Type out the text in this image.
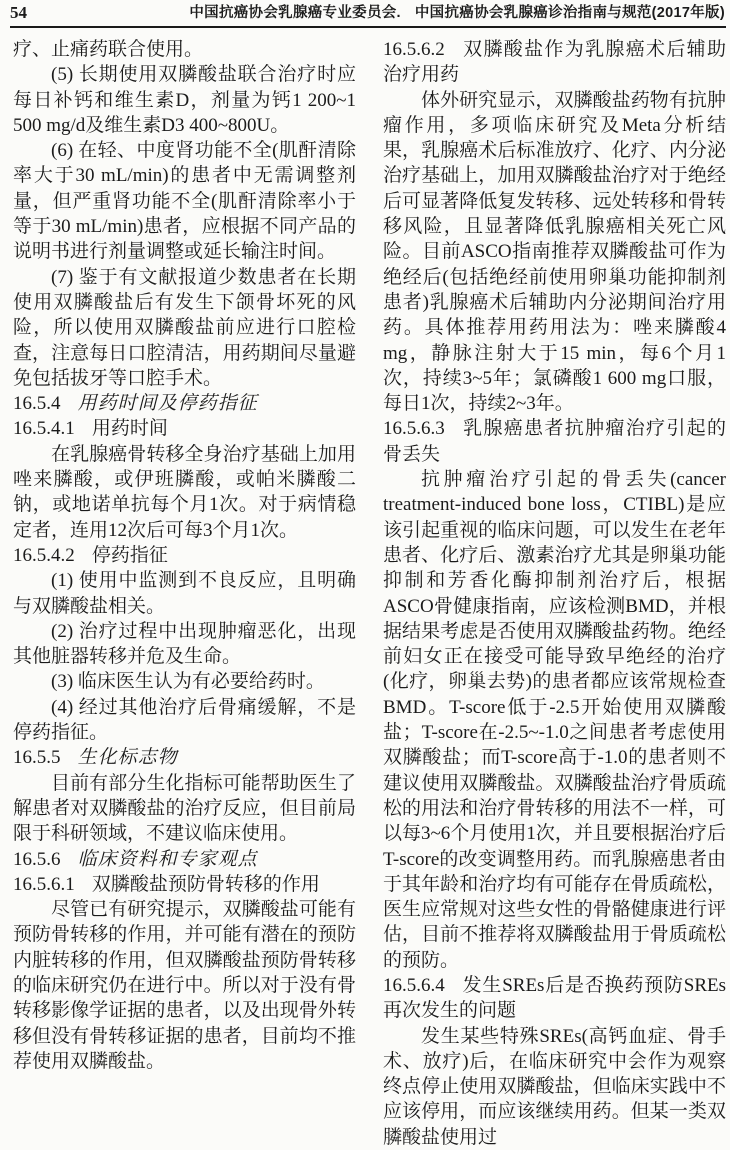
54	中国抗癌协会乳腺癌专业委员会. 中国抗癌协会乳腺癌诊治指南与规范(2017年版)

疗、止痛药联合使用。

(5) 长期使用双膦酸盐联合治疗时应每日补钙和维生素D，剂量为钙1 200~1 500 mg/d及维生素D3 400~800U。

(6) 在轻、中度肾功能不全(肌酐清除率大于30 mL/min)的患者中无需调整剂量，但严重肾功能不全(肌酐清除率小于等于30 mL/min)患者，应根据不同产品的说明书进行剂量调整或延长输注时间。

(7) 鉴于有文献报道少数患者在长期使用双膦酸盐后有发生下颌骨坏死的风险，所以使用双膦酸盐前应进行口腔检查，注意每日口腔清洁，用药期间尽量避免包括拔牙等口腔手术。

16.5.4 用药时间及停药指征

16.5.4.1 用药时间

在乳腺癌骨转移全身治疗基础上加用唑来膦酸，或伊班膦酸，或帕米膦酸二钠，或地诺单抗每个月1次。对于病情稳定者，连用12次后可每3个月1次。

16.5.4.2 停药指征

(1) 使用中监测到不良反应，且明确与双膦酸盐相关。

(2) 治疗过程中出现肿瘤恶化，出现其他脏器转移并危及生命。

(3) 临床医生认为有必要给药时。

(4) 经过其他治疗后骨痛缓解，不是停药指征。

16.5.5 生化标志物

目前有部分生化指标可能帮助医生了解患者对双膦酸盐的治疗反应，但目前局限于科研领域，不建议临床使用。

16.5.6 临床资料和专家观点

16.5.6.1 双膦酸盐预防骨转移的作用

尽管已有研究提示，双膦酸盐可能有预防骨转移的作用，并可能有潜在的预防内脏转移的作用，但双膦酸盐预防骨转移的临床研究仍在进行中。所以对于没有骨转移影像学证据的患者，以及出现骨外转移但没有骨转移证据的患者，目前均不推荐使用双膦酸盐。

16.5.6.2 双膦酸盐作为乳腺癌术后辅助治疗用药

体外研究显示，双膦酸盐药物有抗肿瘤作用，多项临床研究及Meta分析结果，乳腺癌术后标准放疗、化疗、内分泌治疗基础上，加用双膦酸盐治疗对于绝经后可显著降低复发转移、远处转移和骨转移风险，且显著降低乳腺癌相关死亡风险。目前ASCO指南推荐双膦酸盐可作为绝经后(包括绝经前使用卵巢功能抑制剂患者)乳腺癌术后辅助内分泌期间治疗用药。具体推荐用药用法为：唑来膦酸4 mg，静脉注射大于15 min，每6个月1次，持续3~5年；氯磷酸1 600 mg口服，每日1次，持续2~3年。

16.5.6.3 乳腺癌患者抗肿瘤治疗引起的骨丢失

抗肿瘤治疗引起的骨丢失(cancer treatment-induced bone loss，CTIBL)是应该引起重视的临床问题，可以发生在老年患者、化疗后、激素治疗尤其是卵巢功能抑制和芳香化酶抑制剂治疗后，根据ASCO骨健康指南，应该检测BMD，并根据结果考虑是否使用双膦酸盐药物。绝经前妇女正在接受可能导致早绝经的治疗(化疗，卵巢去势)的患者都应该常规检查BMD。T-score低于-2.5开始使用双膦酸盐；T-score在-2.5~-1.0之间患者考虑使用双膦酸盐；而T-score高于-1.0的患者则不建议使用双膦酸盐。双膦酸盐治疗骨质疏松的用法和治疗骨转移的用法不一样，可以每3~6个月使用1次，并且要根据治疗后T-score的改变调整用药。而乳腺癌患者由于其年龄和治疗均有可能存在骨质疏松，医生应常规对这些女性的骨骼健康进行评估，目前不推荐将双膦酸盐用于骨质疏松的预防。

16.5.6.4 发生SREs后是否换药预防SREs再次发生的问题

发生某些特殊SREs(高钙血症、骨手术、放疗)后，在临床研究中会作为观察终点停止使用双膦酸盐，但临床实践中不应该停用，而应该继续用药。但某一类双膦酸盐使用过
